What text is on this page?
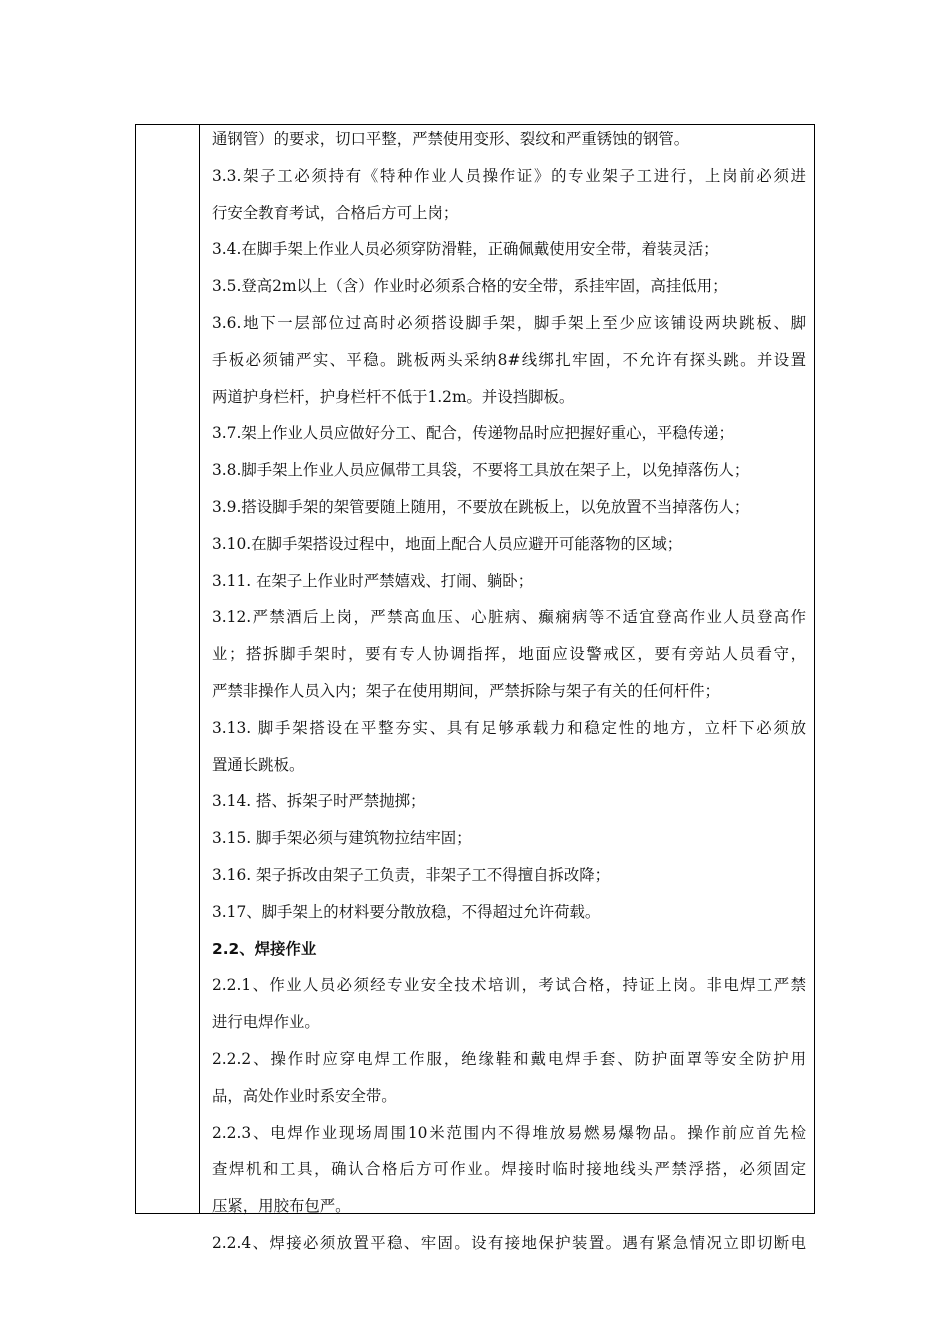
通钢管）的要求，切口平整，严禁使用变形、裂纹和严重锈蚀的钢管。
3.3.架子工必须持有《特种作业人员操作证》的专业架子工进行，上岗前必须进
行安全教育考试，合格后方可上岗；
3.4.在脚手架上作业人员必须穿防滑鞋，正确佩戴使用安全带，着装灵活；
3.5.登高2m以上（含）作业时必须系合格的安全带，系挂牢固，高挂低用；
3.6.地下一层部位过高时必须搭设脚手架，脚手架上至少应该铺设两块跳板、脚
手板必须铺严实、平稳。跳板两头采纳8#线绑扎牢固，不允许有探头跳。并设置
两道护身栏杆，护身栏杆不低于1.2m。并设挡脚板。
3.7.架上作业人员应做好分工、配合，传递物品时应把握好重心，平稳传递；
3.8.脚手架上作业人员应佩带工具袋，不要将工具放在架子上，以免掉落伤人；
3.9.搭设脚手架的架管要随上随用，不要放在跳板上，以免放置不当掉落伤人；
3.10.在脚手架搭设过程中，地面上配合人员应避开可能落物的区域；
3.11. 在架子上作业时严禁嬉戏、打闹、躺卧；
3.12.严禁酒后上岗，严禁高血压、心脏病、癫痫病等不适宜登高作业人员登高作
业；搭拆脚手架时，要有专人协调指挥，地面应设警戒区，要有旁站人员看守，
严禁非操作人员入内；架子在使用期间，严禁拆除与架子有关的任何杆件；
3.13. 脚手架搭设在平整夯实、具有足够承载力和稳定性的地方，立杆下必须放
置通长跳板。
3.14. 搭、拆架子时严禁抛掷；
3.15. 脚手架必须与建筑物拉结牢固；
3.16. 架子拆改由架子工负责，非架子工不得擅自拆改降；
3.17、脚手架上的材料要分散放稳，不得超过允许荷载。
2.2、焊接作业
2.2.1、作业人员必须经专业安全技术培训，考试合格，持证上岗。非电焊工严禁
进行电焊作业。
2.2.2、操作时应穿电焊工作服，绝缘鞋和戴电焊手套、防护面罩等安全防护用
品，高处作业时系安全带。
2.2.3、电焊作业现场周围10米范围内不得堆放易燃易爆物品。操作前应首先检
查焊机和工具，确认合格后方可作业。焊接时临时接地线头严禁浮搭，必须固定
压紧，用胶布包严。
2.2.4、焊接必须放置平稳、牢固。设有接地保护装置。遇有紧急情况立即切断电
